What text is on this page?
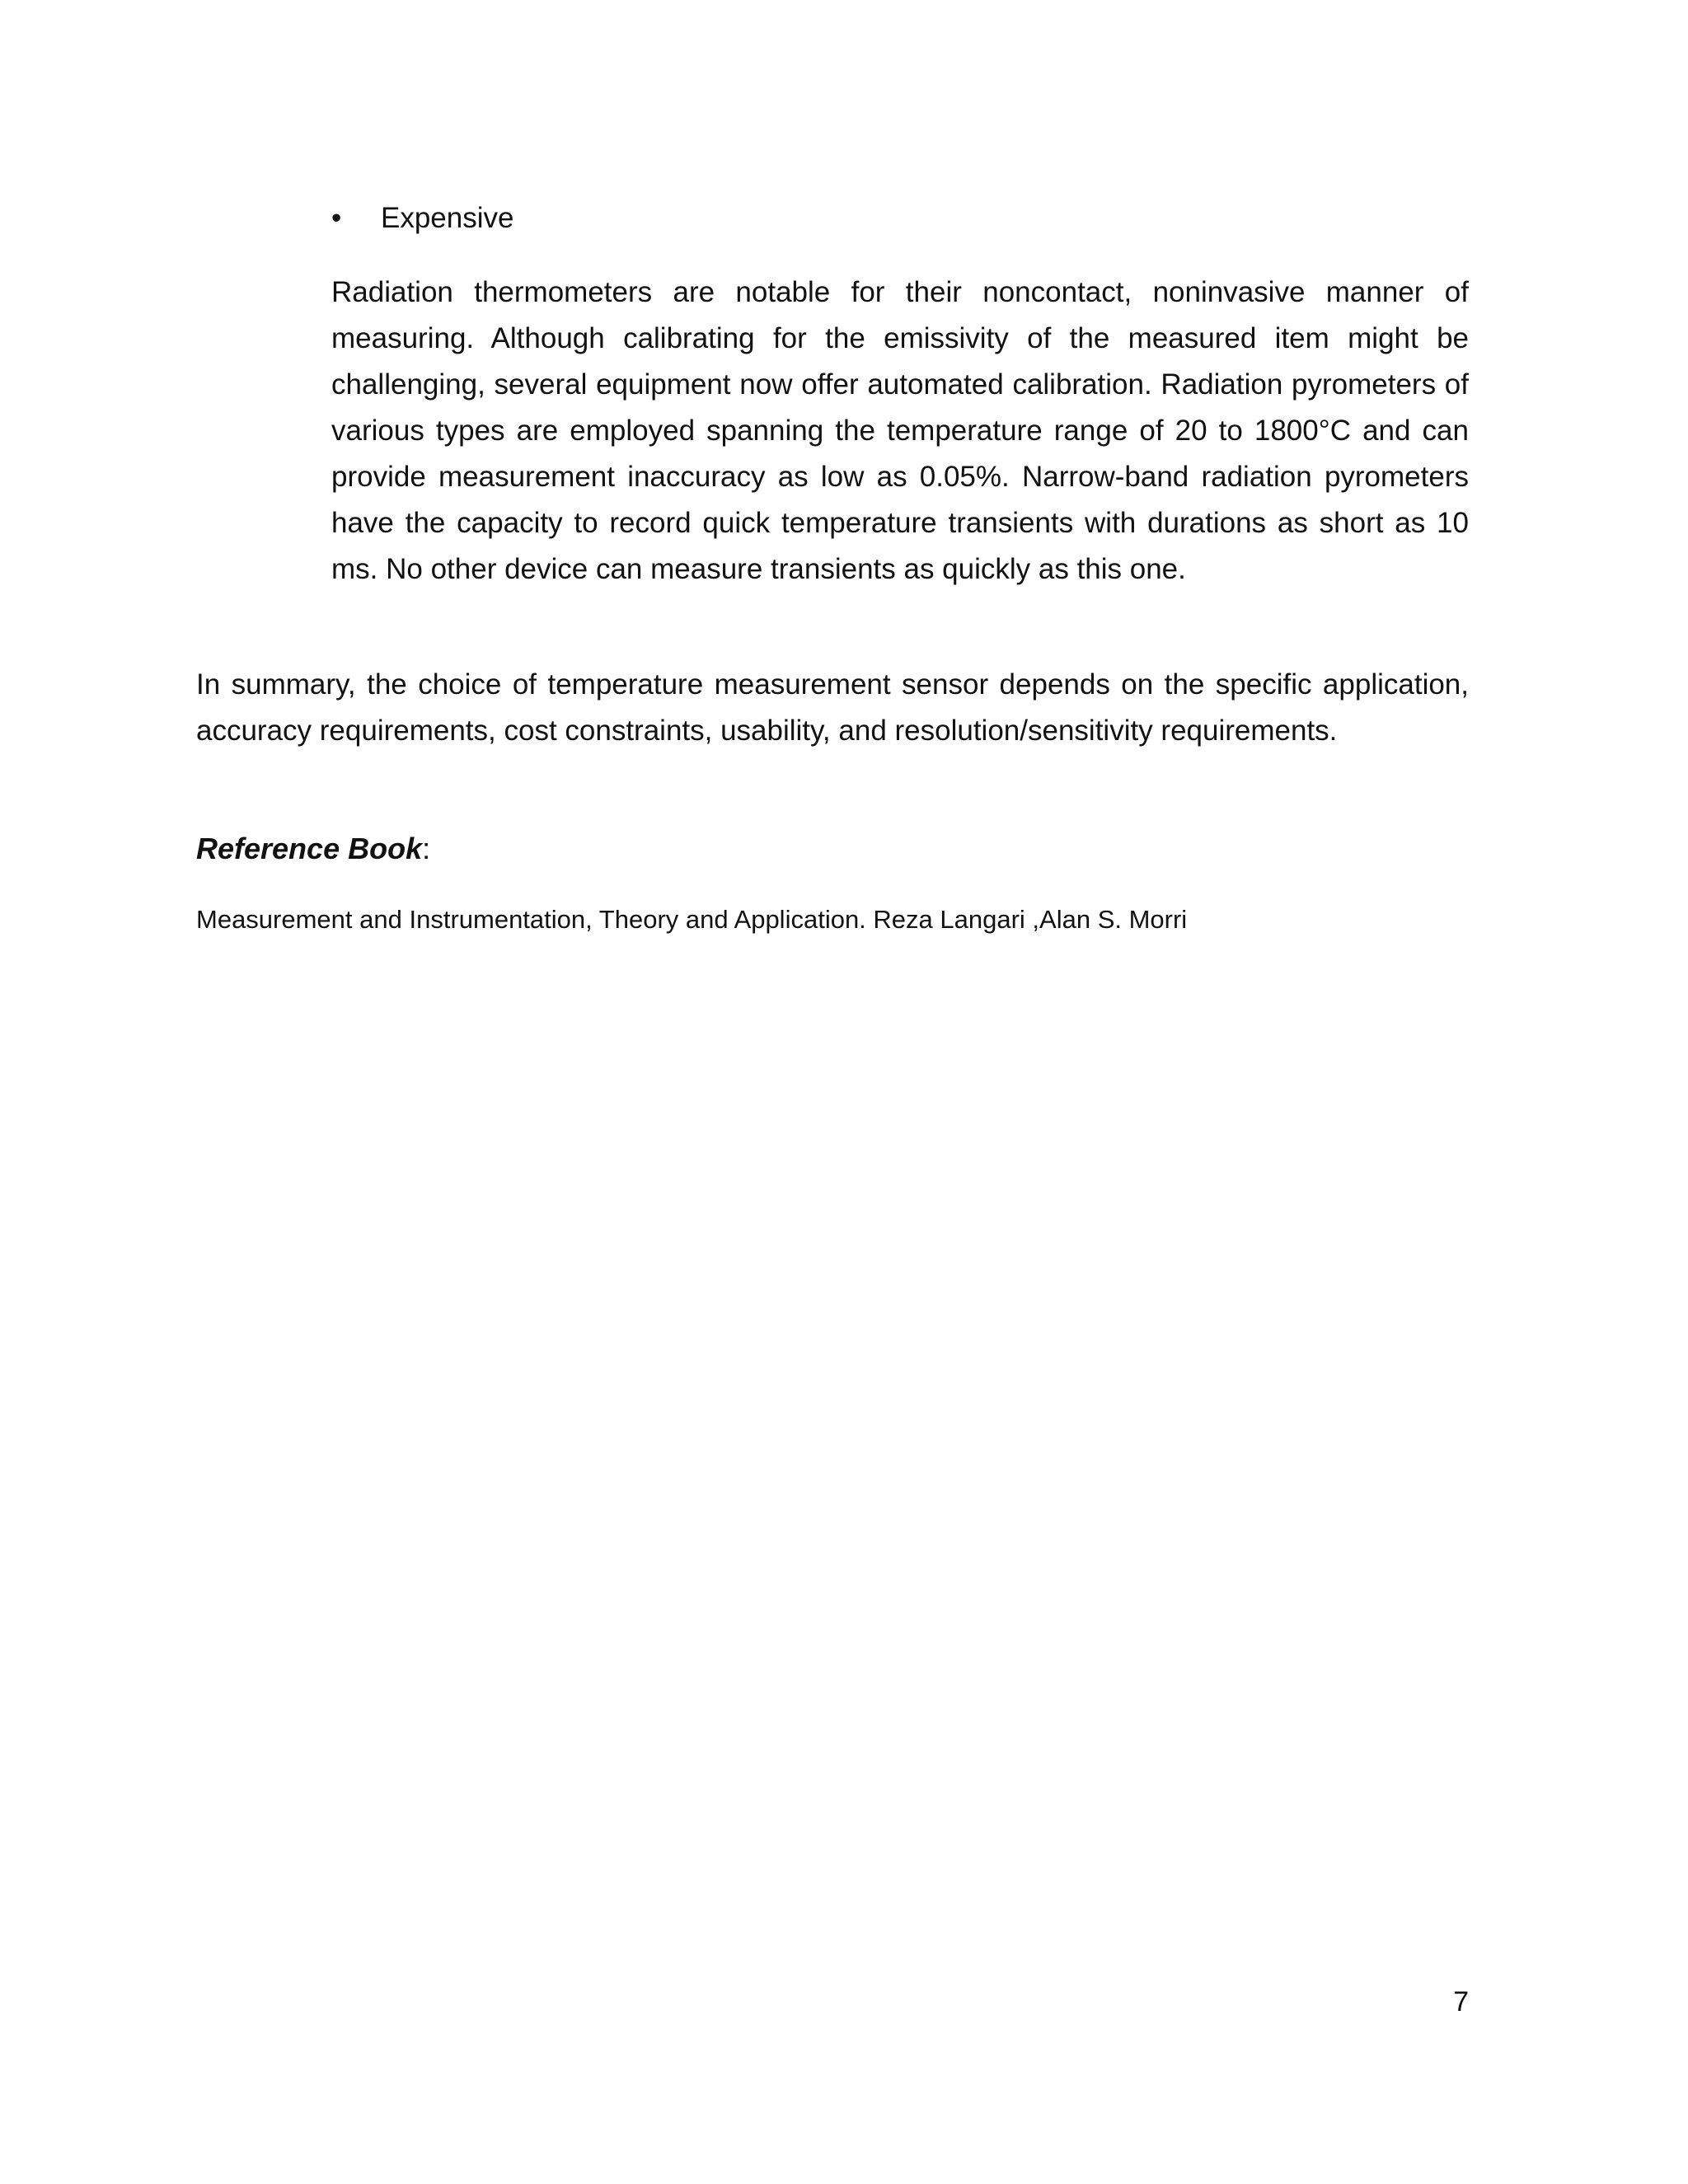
•	Expensive

Radiation thermometers are notable for their noncontact, noninvasive manner of measuring. Although calibrating for the emissivity of the measured item might be challenging, several equipment now offer automated calibration. Radiation pyrometers of various types are employed spanning the temperature range of 20 to 1800°C and can provide measurement inaccuracy as low as 0.05%. Narrow-band radiation pyrometers have the capacity to record quick temperature transients with durations as short as 10 ms. No other device can measure transients as quickly as this one.

In summary, the choice of temperature measurement sensor depends on the specific application, accuracy requirements, cost constraints, usability, and resolution/sensitivity requirements.

Reference Book:

Measurement and Instrumentation, Theory and Application. Reza Langari ,Alan S. Morri

7
